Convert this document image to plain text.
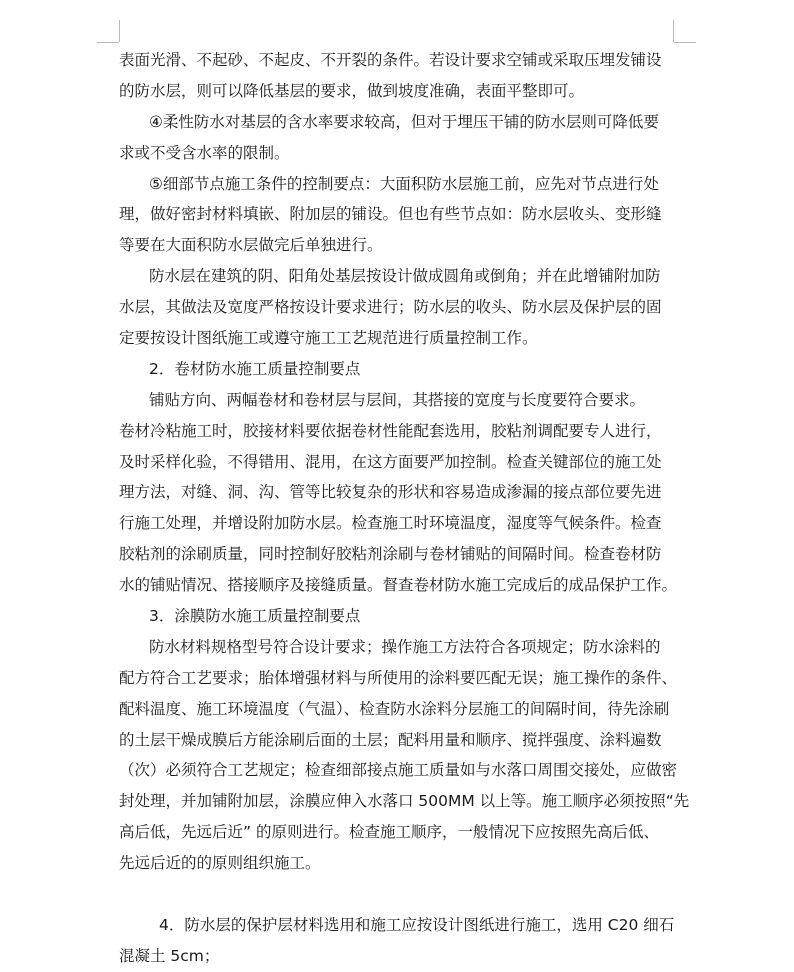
表面光滑、不起砂、不起皮、不开裂的条件。若设计要求空铺或采取压埋发铺设
的防水层，则可以降低基层的要求，做到坡度准确，表面平整即可。
④柔性防水对基层的含水率要求较高，但对于埋压干铺的防水层则可降低要
求或不受含水率的限制。
⑤细部节点施工条件的控制要点：大面积防水层施工前，应先对节点进行处
理，做好密封材料填嵌、附加层的铺设。但也有些节点如：防水层收头、变形缝
等要在大面积防水层做完后单独进行。
防水层在建筑的阴、阳角处基层按设计做成圆角或倒角；并在此增铺附加防
水层，其做法及宽度严格按设计要求进行；防水层的收头、防水层及保护层的固
定要按设计图纸施工或遵守施工工艺规范进行质量控制工作。
2．卷材防水施工质量控制要点
铺贴方向、两幅卷材和卷材层与层间，其搭接的宽度与长度要符合要求。
卷材冷粘施工时，胶接材料要依据卷材性能配套选用，胶粘剂调配要专人进行，
及时采样化验，不得错用、混用，在这方面要严加控制。检查关键部位的施工处
理方法，对缝、洞、沟、管等比较复杂的形状和容易造成渗漏的接点部位要先进
行施工处理，并增设附加防水层。检查施工时环境温度，湿度等气候条件。检查
胶粘剂的涂刷质量，同时控制好胶粘剂涂刷与卷材铺贴的间隔时间。检查卷材防
水的铺贴情况、搭接顺序及接缝质量。督查卷材防水施工完成后的成品保护工作。
3．涂膜防水施工质量控制要点
防水材料规格型号符合设计要求；操作施工方法符合各项规定；防水涂料的
配方符合工艺要求；胎体增强材料与所使用的涂料要匹配无误；施工操作的条件、
配料温度、施工环境温度（气温）、检查防水涂料分层施工的间隔时间，待先涂刷
的土层干燥成膜后方能涂刷后面的土层；配料用量和顺序、搅拌强度、涂料遍数
（次）必须符合工艺规定；检查细部接点施工质量如与水落口周围交接处，应做密
封处理，并加铺附加层，涂膜应伸入水落口 500MM 以上等。施工顺序必须按照“先
高后低，先远后近” 的原则进行。检查施工顺序，一般情况下应按照先高后低、
先远后近的的原则组织施工。
4．防水层的保护层材料选用和施工应按设计图纸进行施工，选用 C20 细石
混凝土 5cm；
